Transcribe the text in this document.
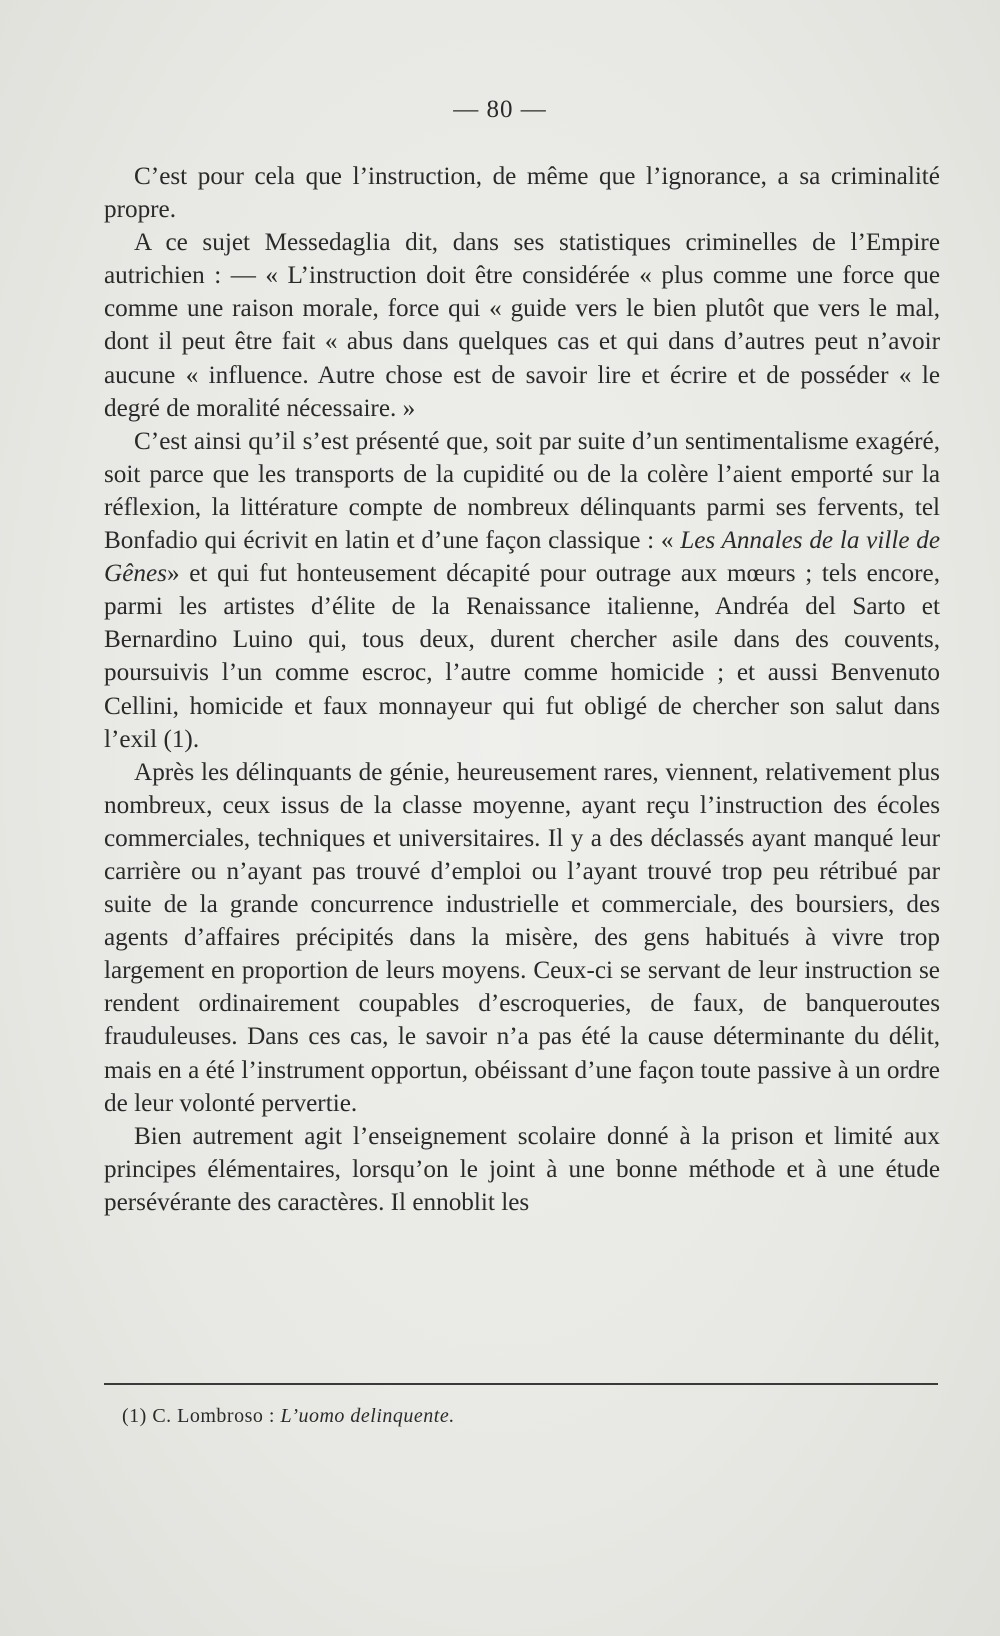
— 80 —

C’est pour cela que l’instruction, de même que l’ignorance, a sa criminalité propre.

A ce sujet Messedaglia dit, dans ses statistiques criminelles de l’Empire autrichien : — « L’instruction doit être considérée « plus comme une force que comme une raison morale, force qui « guide vers le bien plutôt que vers le mal, dont il peut être fait « abus dans quelques cas et qui dans d’autres peut n’avoir aucune « influence. Autre chose est de savoir lire et écrire et de posséder « le degré de moralité nécessaire. »

C’est ainsi qu’il s’est présenté que, soit par suite d’un sentimentalisme exagéré, soit parce que les transports de la cupidité ou de la colère l’aient emporté sur la réflexion, la littérature compte de nombreux délinquants parmi ses fervents, tel Bonfadio qui écrivit en latin et d’une façon classique : « Les Annales de la ville de Gênes» et qui fut honteusement décapité pour outrage aux mœurs ; tels encore, parmi les artistes d’élite de la Renaissance italienne, Andréa del Sarto et Bernardino Luino qui, tous deux, durent chercher asile dans des couvents, poursuivis l’un comme escroc, l’autre comme homicide ; et aussi Benvenuto Cellini, homicide et faux monnayeur qui fut obligé de chercher son salut dans l’exil (1).

Après les délinquants de génie, heureusement rares, viennent, relativement plus nombreux, ceux issus de la classe moyenne, ayant reçu l’instruction des écoles commerciales, techniques et universitaires. Il y a des déclassés ayant manqué leur carrière ou n’ayant pas trouvé d’emploi ou l’ayant trouvé trop peu rétribué par suite de la grande concurrence industrielle et commerciale, des boursiers, des agents d’affaires précipités dans la misère, des gens habitués à vivre trop largement en proportion de leurs moyens. Ceux-ci se servant de leur instruction se rendent ordinairement coupables d’escroqueries, de faux, de banqueroutes frauduleuses. Dans ces cas, le savoir n’a pas été la cause déterminante du délit, mais en a été l’instrument opportun, obéissant d’une façon toute passive à un ordre de leur volonté pervertie.

Bien autrement agit l’enseignement scolaire donné à la prison et limité aux principes élémentaires, lorsqu’on le joint à une bonne méthode et à une étude persévérante des caractères. Il ennoblit les

(1) C. Lombroso : L’uomo delinquente.
